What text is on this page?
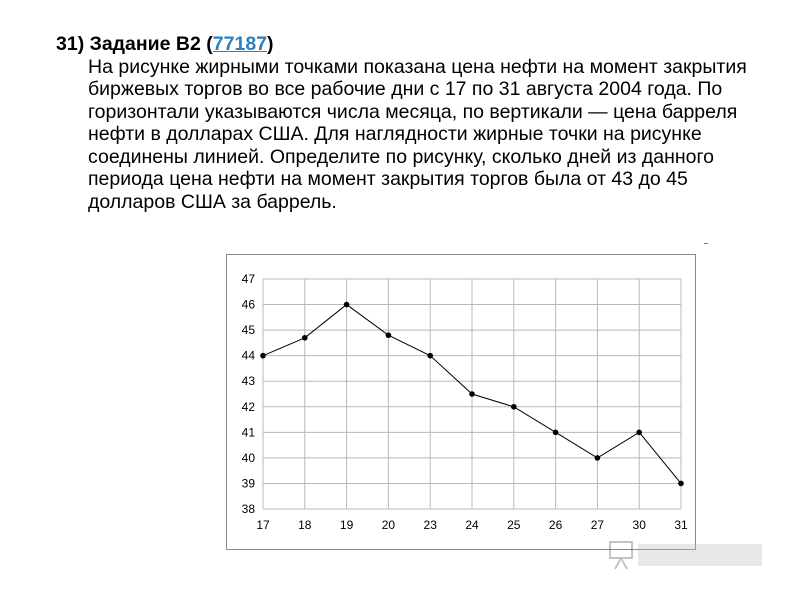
31) Задание B2 (77187)
На рисунке жирными точками показана цена нефти на момент закрытия биржевых торгов во все рабочие дни с 17 по 31 августа 2004 года. По горизонтали указываются числа месяца, по вертикали — цена барреля нефти в долларах США. Для наглядности жирные точки на рисунке соединены линией. Определите по рисунку, сколько дней из данного периода цена нефти на момент закрытия торгов была от 43 до 45 долларов США за баррель.
38
39
40
41
42
43
44
45
46
47
17 18 19 20 23 24 25 26 27 30 31
